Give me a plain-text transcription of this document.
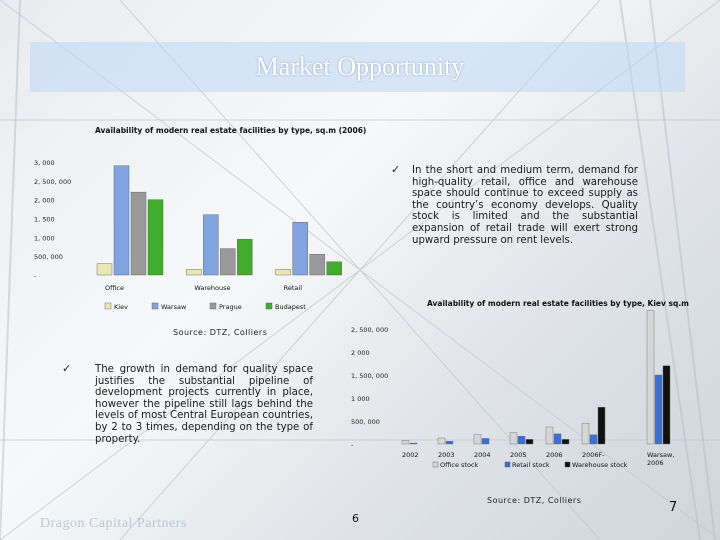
Market Opportunity
Availability of modern real estate facilities by type, sq.m (2006)
3, 000
2, 500, 000
2, 000
1, 500
1, 000
500, 000
-
Office	Warehouse	Retail
Kiev	Warsaw	Prague	Budapest
✓ In the short and medium term, demand for high-quality retail, office and warehouse space should continue to exceed supply as the country’s economy develops. Quality stock is limited and the substantial expansion of retail trade will exert strong upward pressure on rent levels.
Source: DTZ, Colliers
✓ The growth in demand for quality space justifies the substantial pipeline of development projects currently in place, however the pipeline still lags behind the levels of most Central European countries, by 2 to 3 times, depending on the type of property.
Availability of modern real estate facilities by type, Kiev sq.m
2, 500, 000
2 000
1, 500, 000
1 000
500, 000
-
2002	2003	2004	2005	2006	2006F-	Warsaw,
2006
Office stock	Retail stock	Warehouse stock
Source: DTZ, Colliers
6
7
Dragon Capital Partners
